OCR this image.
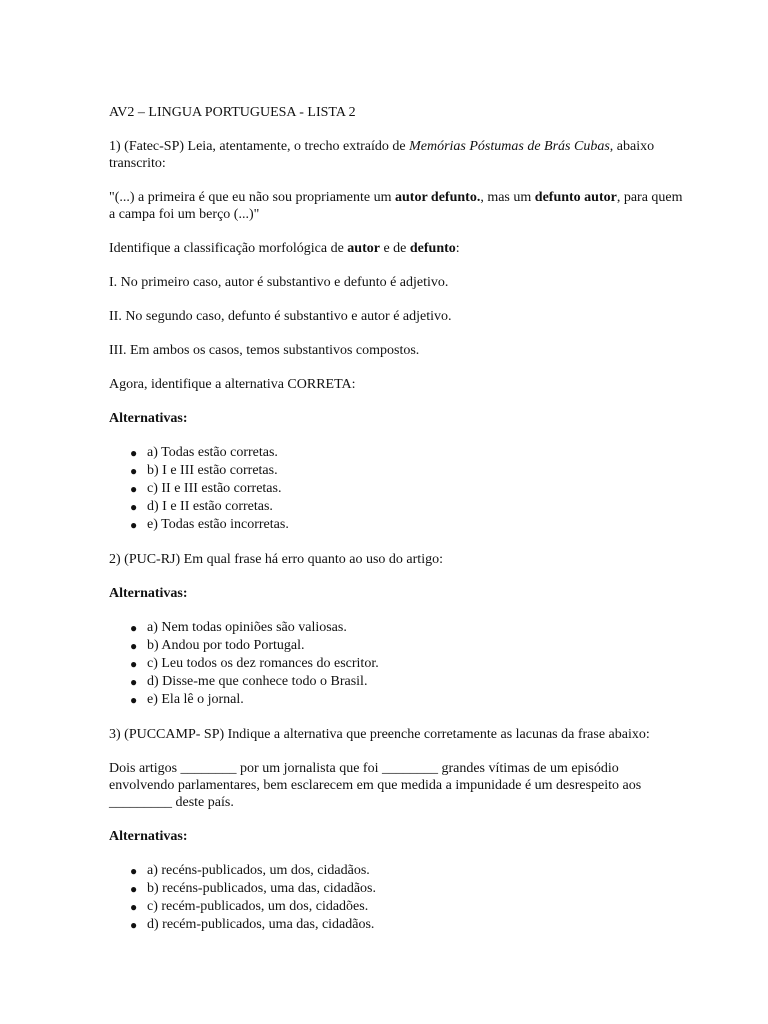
AV2 – LINGUA PORTUGUESA - LISTA 2

1) (Fatec-SP) Leia, atentamente, o trecho extraído de Memórias Póstumas de Brás Cubas, abaixo transcrito:

"(...) a primeira é que eu não sou propriamente um autor defunto., mas um defunto autor, para quem a campa foi um berço (...)"

Identifique a classificação morfológica de autor e de defunto:

I. No primeiro caso, autor é substantivo e defunto é adjetivo.

II. No segundo caso, defunto é substantivo e autor é adjetivo.

III. Em ambos os casos, temos substantivos compostos.

Agora, identifique a alternativa CORRETA:

Alternativas:

● a) Todas estão corretas.
● b) I e III estão corretas.
● c) II e III estão corretas.
● d) I e II estão corretas.
● e) Todas estão incorretas.

2) (PUC-RJ) Em qual frase há erro quanto ao uso do artigo:

Alternativas:

● a) Nem todas opiniões são valiosas.
● b) Andou por todo Portugal.
● c) Leu todos os dez romances do escritor.
● d) Disse-me que conhece todo o Brasil.
● e) Ela lê o jornal.

3) (PUCCAMP- SP) Indique a alternativa que preenche corretamente as lacunas da frase abaixo:

Dois artigos ________ por um jornalista que foi ________ grandes vítimas de um episódio envolvendo parlamentares, bem esclarecem em que medida a impunidade é um desrespeito aos _________ deste país.

Alternativas:

● a) recéns-publicados, um dos, cidadãos.
● b) recéns-publicados, uma das, cidadãos.
● c) recém-publicados, um dos, cidadões.
● d) recém-publicados, uma das, cidadãos.
